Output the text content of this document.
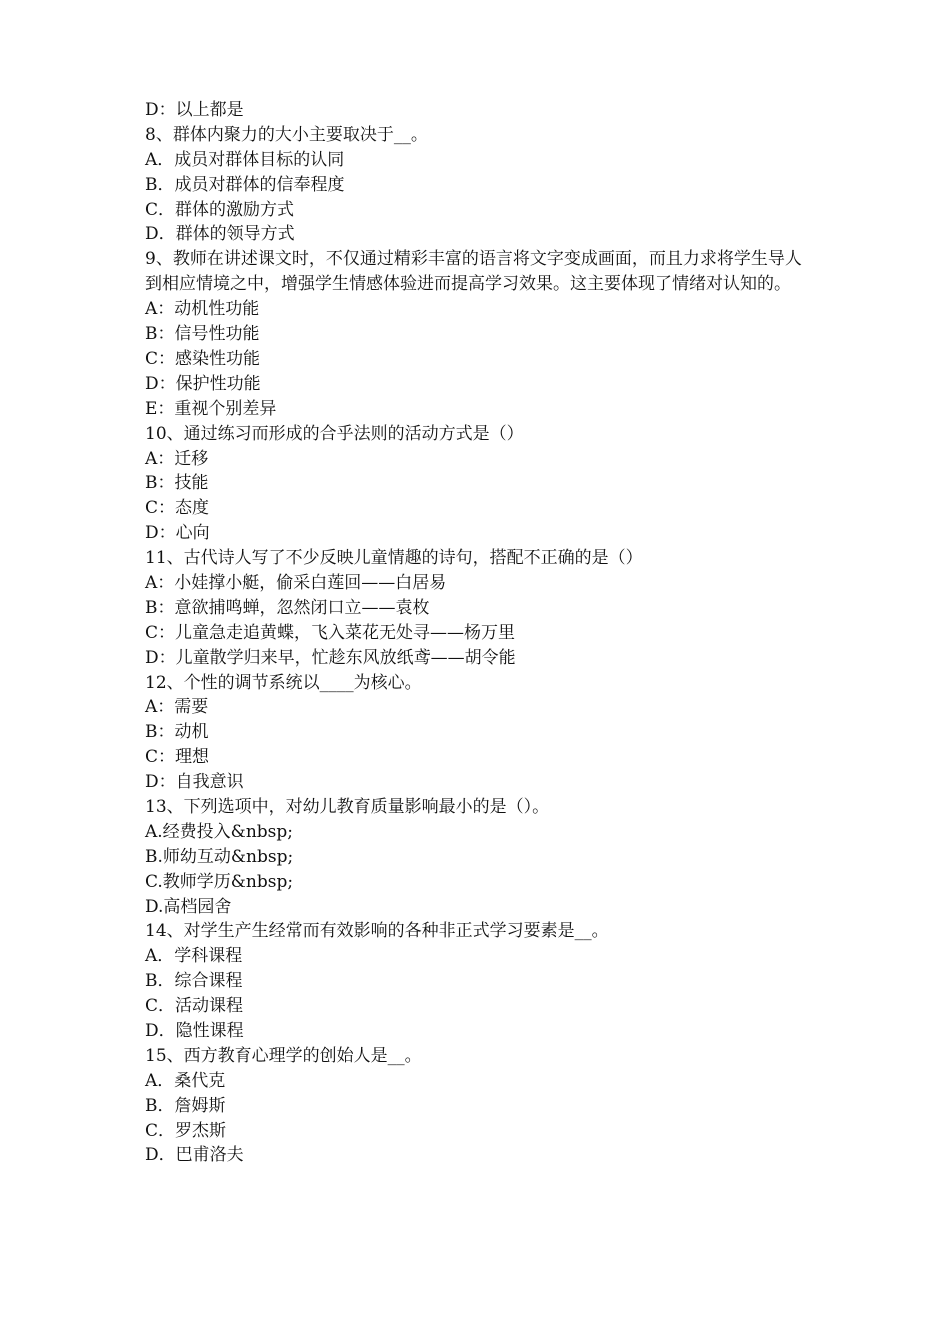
D：以上都是
8、群体内聚力的大小主要取决于__。
A．成员对群体目标的认同
B．成员对群体的信奉程度
C．群体的激励方式
D．群体的领导方式
9、教师在讲述课文时，不仅通过精彩丰富的语言将文字变成画面，而且力求将学生导人到相应情境之中，增强学生情感体验进而提高学习效果。这主要体现了情绪对认知的。
A：动机性功能
B：信号性功能
C：感染性功能
D：保护性功能
E：重视个别差异
10、通过练习而形成的合乎法则的活动方式是（）
A：迁移
B：技能
C：态度
D：心向
11、古代诗人写了不少反映儿童情趣的诗句，搭配不正确的是（）
A：小娃撑小艇，偷采白莲回——白居易
B：意欲捕鸣蝉，忽然闭口立——袁枚
C：儿童急走追黄蝶，飞入菜花无处寻——杨万里
D：儿童散学归来早，忙趁东风放纸鸢——胡令能
12、个性的调节系统以____为核心。
A：需要
B：动机
C：理想
D：自我意识
13、下列选项中，对幼儿教育质量影响最小的是（）。
A.经费投入&nbsp;
B.师幼互动&nbsp;
C.教师学历&nbsp;
D.高档园舍
14、对学生产生经常而有效影响的各种非正式学习要素是__。
A．学科课程
B．综合课程
C．活动课程
D．隐性课程
15、西方教育心理学的创始人是__。
A．桑代克
B．詹姆斯
C．罗杰斯
D．巴甫洛夫
